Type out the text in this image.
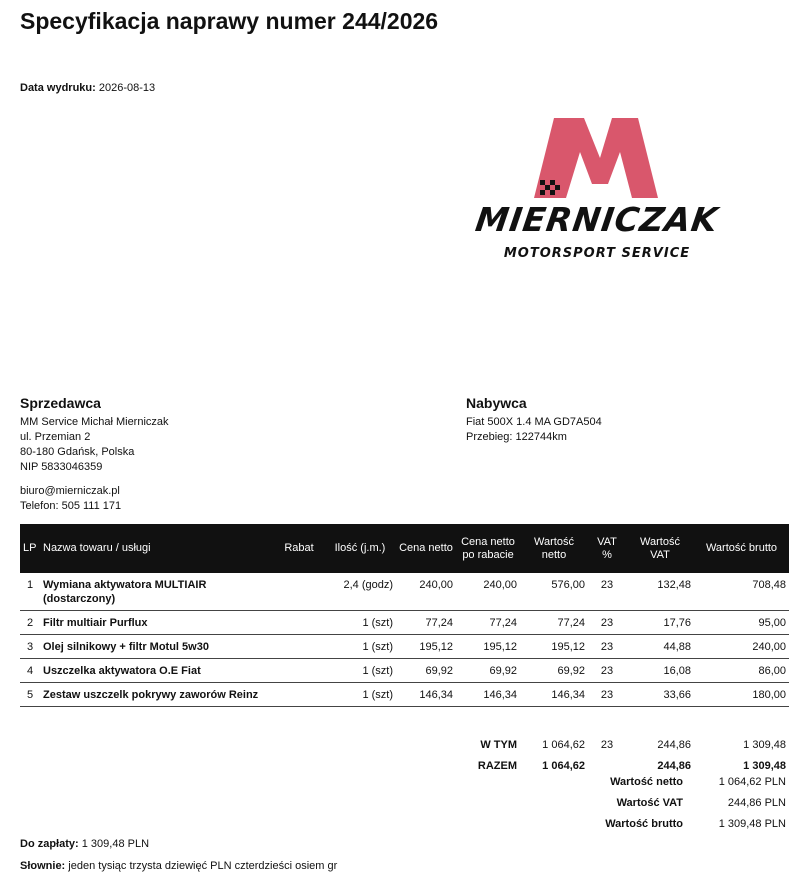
Specyfikacja naprawy numer 244/2026
Data wydruku: 2026-08-13
MIERNICZAK
MOTORSPORT SERVICE
Sprzedawca
MM Service Michał Mierniczak
ul. Przemian 2
80-180 Gdańsk, Polska
NIP 5833046359
biuro@mierniczak.pl
Telefon: 505 111 171
Nabywca
Fiat 500X 1.4 MA GD7A504
Przebieg: 122744km
LP	Nazwa towaru / usługi	Rabat	Ilość (j.m.)	Cena netto	Cena netto po rabacie	Wartość netto	VAT %	Wartość VAT	Wartość brutto
1	Wymiana aktywatora MULTIAIR (dostarczony)		2,4 (godz)	240,00	240,00	576,00	23	132,48	708,48
2	Filtr multiair Purflux		1 (szt)	77,24	77,24	77,24	23	17,76	95,00
3	Olej silnikowy + filtr Motul 5w30		1 (szt)	195,12	195,12	195,12	23	44,88	240,00
4	Uszczelka aktywatora O.E Fiat		1 (szt)	69,92	69,92	69,92	23	16,08	86,00
5	Zestaw uszczelk pokrywy zaworów Reinz		1 (szt)	146,34	146,34	146,34	23	33,66	180,00
W TYM	1 064,62	23	244,86	1 309,48
RAZEM	1 064,62		244,86	1 309,48
Wartość netto	1 064,62 PLN
Wartość VAT	244,86 PLN
Wartość brutto	1 309,48 PLN
Do zapłaty: 1 309,48 PLN
Słownie: jeden tysiąc trzysta dziewięć PLN czterdzieści osiem gr
